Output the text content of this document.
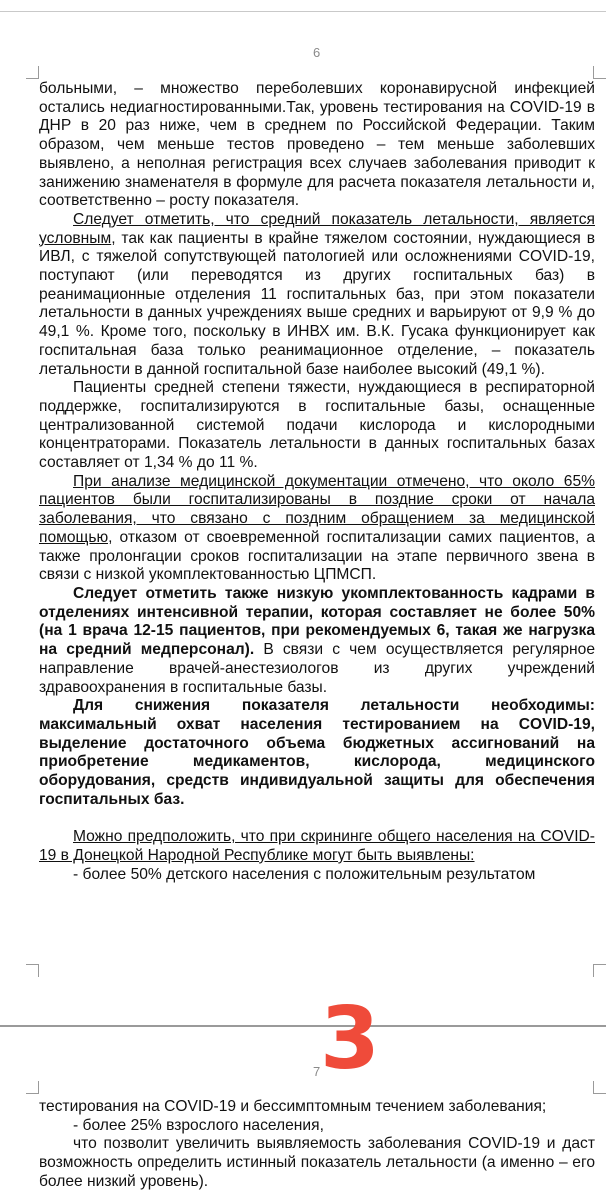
6

больными, – множество переболевших коронавирусной инфекцией остались недиагностированными.Так, уровень тестирования на COVID-19 в ДНР в 20 раз ниже, чем в среднем по Российской Федерации. Таким образом, чем меньше тестов проведено – тем меньше заболевших выявлено, а неполная регистрация всех случаев заболевания приводит к занижению знаменателя в формуле для расчета показателя летальности и, соответственно – росту показателя.

Следует отметить, что средний показатель летальности, является условным, так как пациенты в крайне тяжелом состоянии, нуждающиеся в ИВЛ, с тяжелой сопутствующей патологией или осложнениями COVID-19, поступают (или переводятся из других госпитальных баз) в реанимационные отделения 11 госпитальных баз, при этом показатели летальности в данных учреждениях выше средних и варьируют от 9,9 % до 49,1 %. Кроме того, поскольку в ИНВХ им. В.К. Гусака функционирует как госпитальная база только реанимационное отделение, – показатель летальности в данной госпитальной базе наиболее высокий (49,1 %).

Пациенты средней степени тяжести, нуждающиеся в респираторной поддержке, госпитализируются в госпитальные базы, оснащенные централизованной системой подачи кислорода и кислородными концентраторами. Показатель летальности в данных госпитальных базах составляет от 1,34 % до 11 %.

При анализе медицинской документации отмечено, что около 65% пациентов были госпитализированы в поздние сроки от начала заболевания, что связано с поздним обращением за медицинской помощью, отказом от своевременной госпитализации самих пациентов, а также пролонгации сроков госпитализации на этапе первичного звена в связи с низкой укомплектованностью ЦПМСП.

Следует отметить также низкую укомплектованность кадрами в отделениях интенсивной терапии, которая составляет не более 50% (на 1 врача 12-15 пациентов, при рекомендуемых 6, такая же нагрузка на средний медперсонал). В связи с чем осуществляется регулярное направление врачей-анестезиологов из других учреждений здравоохранения в госпитальные базы.

Для снижения показателя летальности необходимы: максимальный охват населения тестированием на COVID-19, выделение достаточного объема бюджетных ассигнований на приобретение медикаментов, кислорода, медицинского оборудования, средств индивидуальной защиты для обеспечения госпитальных баз.

Можно предположить, что при скрининге общего населения на COVID-19 в Донецкой Народной Республике могут быть выявлены:

- более 50% детского населения с положительным результатом

3
7

тестирования на COVID-19 и бессимптомным течением заболевания;

- более 25% взрослого населения,

что позволит увеличить выявляемость заболевания COVID-19 и даст возможность определить истинный показатель летальности (а именно – его более низкий уровень).
